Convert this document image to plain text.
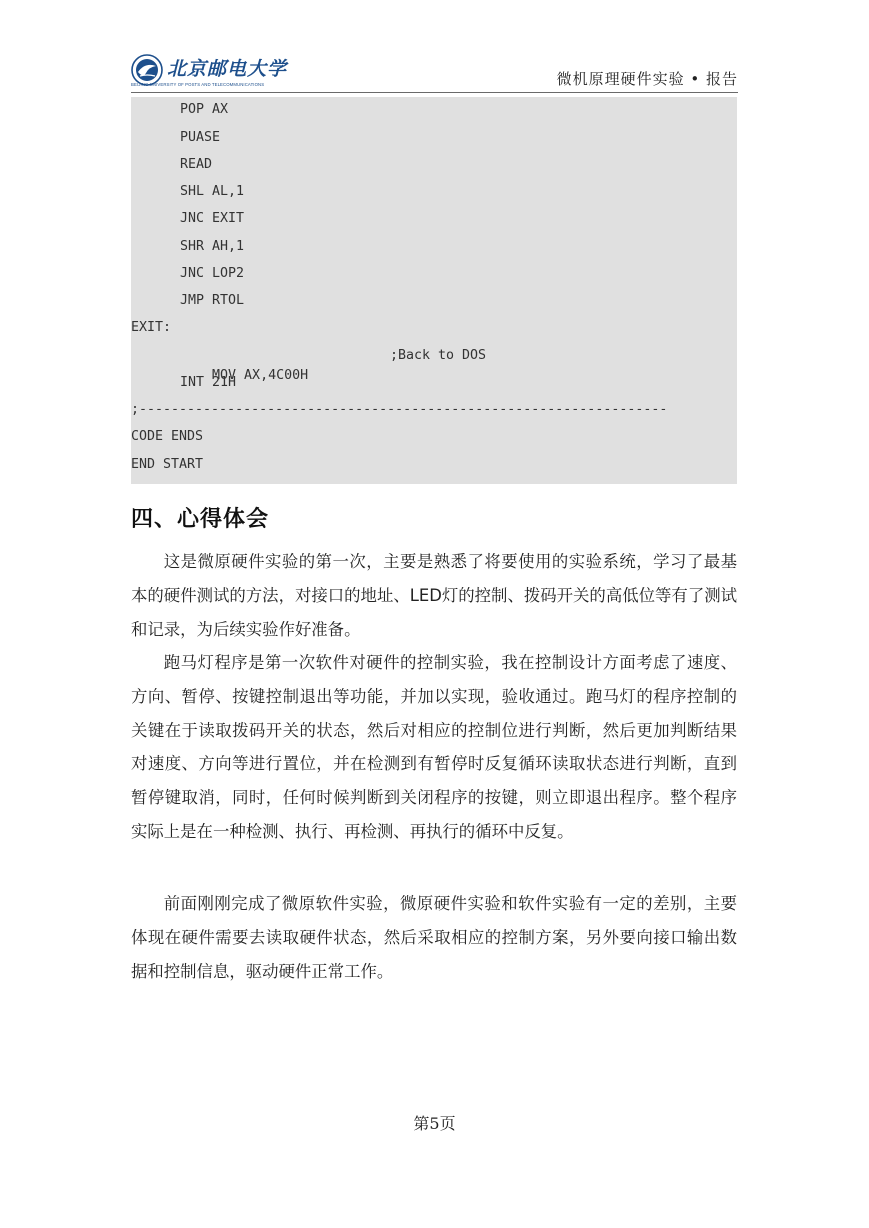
北京邮电大学
BEIJING UNIVERSITY OF POSTS AND TELECOMMUNICATIONS	微机原理硬件实验 • 报告
POP AX
PUASE
READ
SHL AL,1
JNC EXIT
SHR AH,1
JNC LOP2
JMP RTOL
EXIT:

MOV AX,4C00H

;Back to DOS

INT 21H
;------------------------------------------------------------------
CODE ENDS
END START
四、心得体会

这是微原硬件实验的第一次，主要是熟悉了将要使用的实验系统，学习了最基本的硬件测试的方法，对接口的地址、LED灯的控制、拨码开关的高低位等有了测试和记录，为后续实验作好准备。

跑马灯程序是第一次软件对硬件的控制实验，我在控制设计方面考虑了速度、方向、暂停、按键控制退出等功能，并加以实现，验收通过。跑马灯的程序控制的关键在于读取拨码开关的状态，然后对相应的控制位进行判断，然后更加判断结果对速度、方向等进行置位，并在检测到有暂停时反复循环读取状态进行判断，直到暂停键取消，同时，任何时候判断到关闭程序的按键，则立即退出程序。整个程序实际上是在一种检测、执行、再检测、再执行的循环中反复。

前面刚刚完成了微原软件实验，微原硬件实验和软件实验有一定的差别，主要体现在硬件需要去读取硬件状态，然后采取相应的控制方案，另外要向接口输出数据和控制信息，驱动硬件正常工作。

第5页
